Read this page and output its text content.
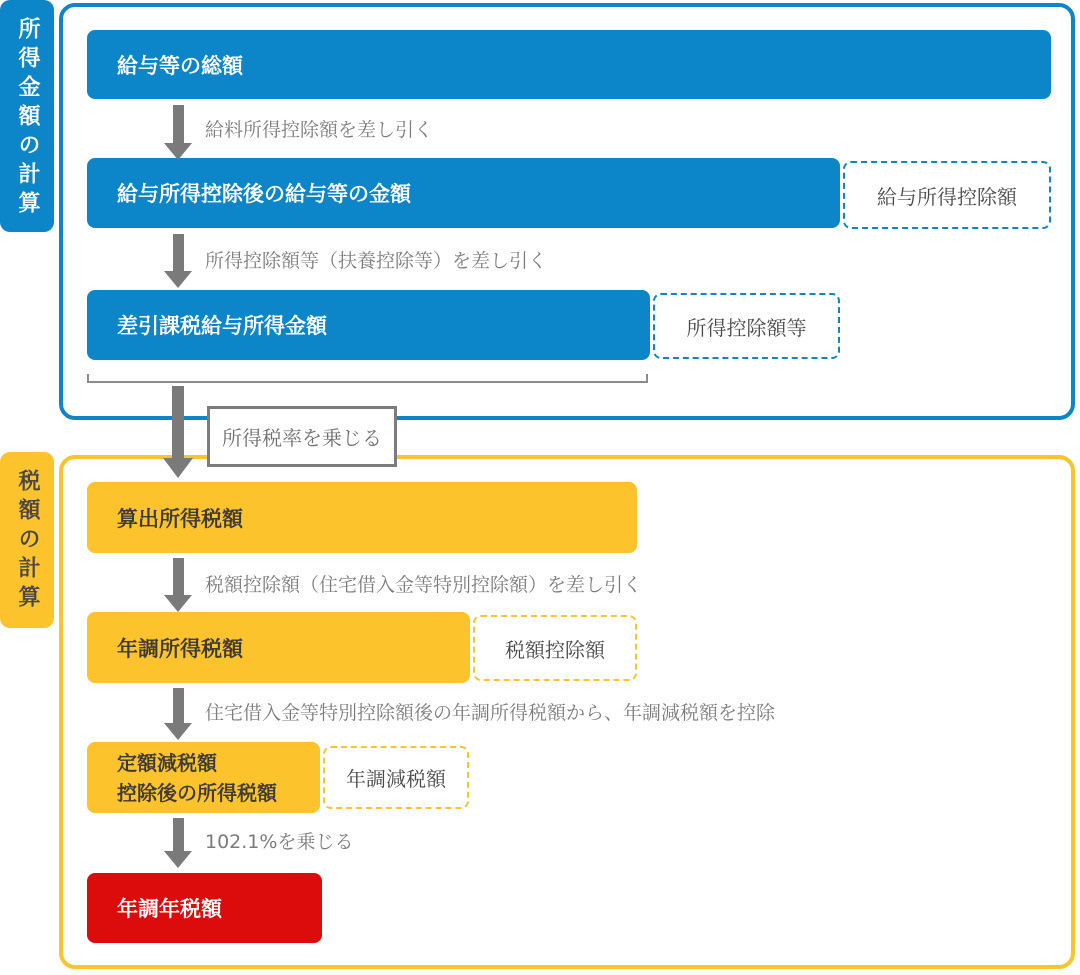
所得金額の計算	給与等の総額
給料所得控除額を差し引く
給与所得控除後の給与等の金額	給与所得控除額
所得控除額等（扶養控除等）を差し引く
差引課税給与所得金額	所得控除額等
所得税率を乗じる
税額の計算	算出所得税額
税額控除額（住宅借入金等特別控除額）を差し引く
年調所得税額	税額控除額
住宅借入金等特別控除額後の年調所得税額から、年調減税額を控除
定額減税額
控除後の所得税額
年調減税額
102.1%を乗じる
年調年税額
